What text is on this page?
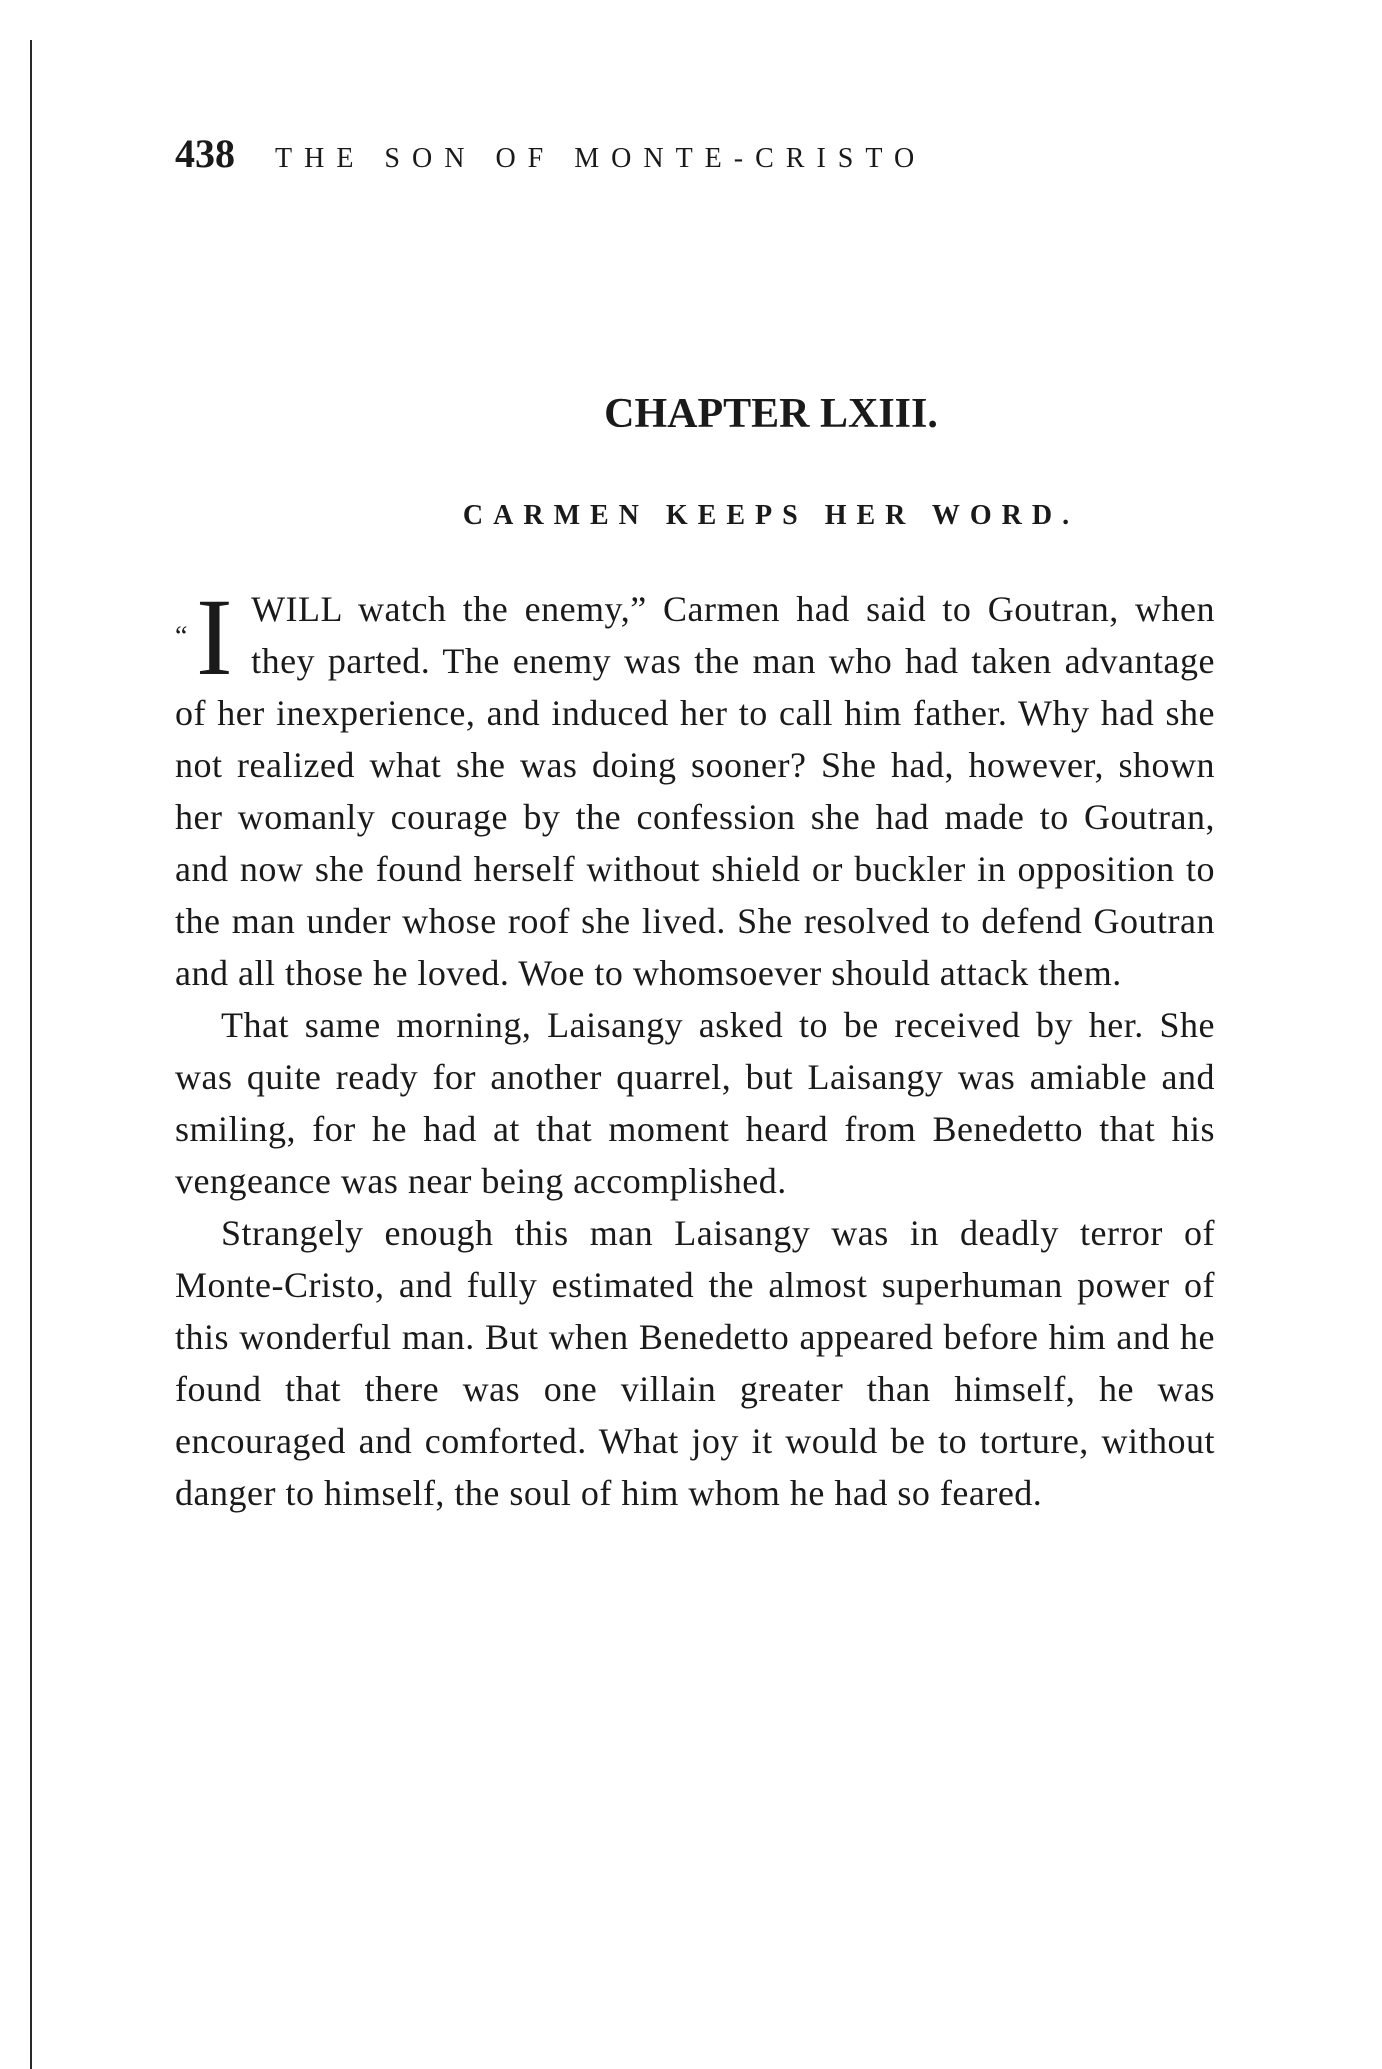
438 THE SON OF MONTE-CRISTO
CHAPTER LXIII.
CARMEN KEEPS HER WORD.

“I WILL watch the enemy,” Carmen had said to Goutran, when they parted. The enemy was the man who had taken advantage of her inexperience, and induced her to call him father. Why had she not realized what she was doing sooner? She had, however, shown her womanly courage by the confession she had made to Goutran, and now she found herself without shield or buckler in opposition to the man under whose roof she lived. She resolved to defend Goutran and all those he loved. Woe to whomsoever should attack them.

That same morning, Laisangy asked to be received by her. She was quite ready for another quarrel, but Laisangy was amiable and smiling, for he had at that moment heard from Benedetto that his vengeance was near being accomplished.

Strangely enough this man Laisangy was in deadly terror of Monte-Cristo, and fully estimated the almost superhuman power of this wonderful man. But when Benedetto appeared before him and he found that there was one villain greater than himself, he was encouraged and comforted. What joy it would be to torture, without danger to himself, the soul of him whom he had so feared.
